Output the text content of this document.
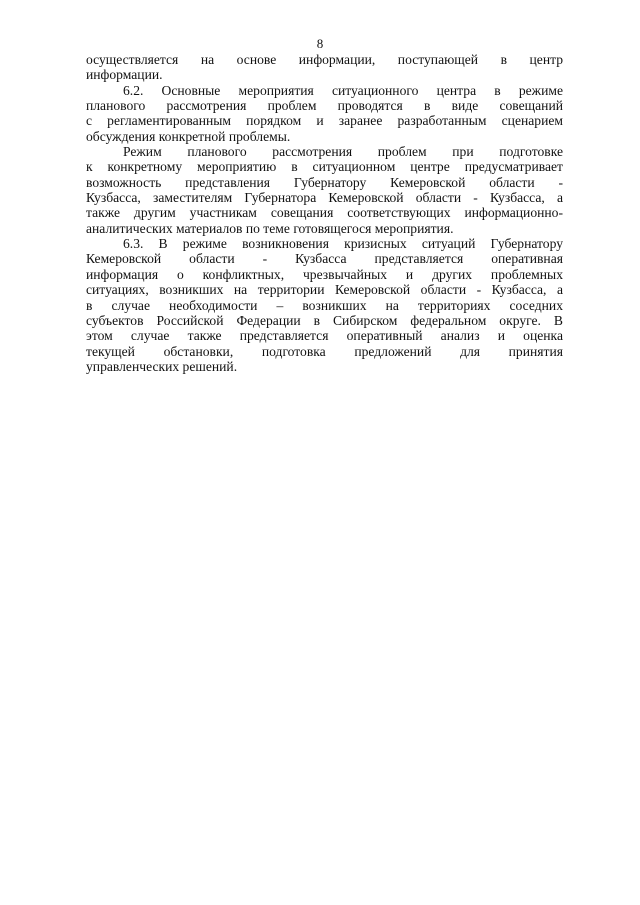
8
осуществляется на основе информации, поступающей в центр
информации.
6.2. Основные мероприятия ситуационного центра в режиме
планового рассмотрения проблем проводятся в виде совещаний
с регламентированным порядком и заранее разработанным сценарием
обсуждения конкретной проблемы.
Режим планового рассмотрения проблем при подготовке
к конкретному мероприятию в ситуационном центре предусматривает
возможность представления Губернатору Кемеровской области -
Кузбасса, заместителям Губернатора Кемеровской области - Кузбасса, а
также другим участникам совещания соответствующих информационно-
аналитических материалов по теме готовящегося мероприятия.
6.3. В режиме возникновения кризисных ситуаций Губернатору
Кемеровской области - Кузбасса представляется оперативная
информация о конфликтных, чрезвычайных и других проблемных
ситуациях, возникших на территории Кемеровской области - Кузбасса, а
в случае необходимости – возникших на территориях соседних
субъектов Российской Федерации в Сибирском федеральном округе. В
этом случае также представляется оперативный анализ и оценка
текущей обстановки, подготовка предложений для принятия
управленческих решений.
